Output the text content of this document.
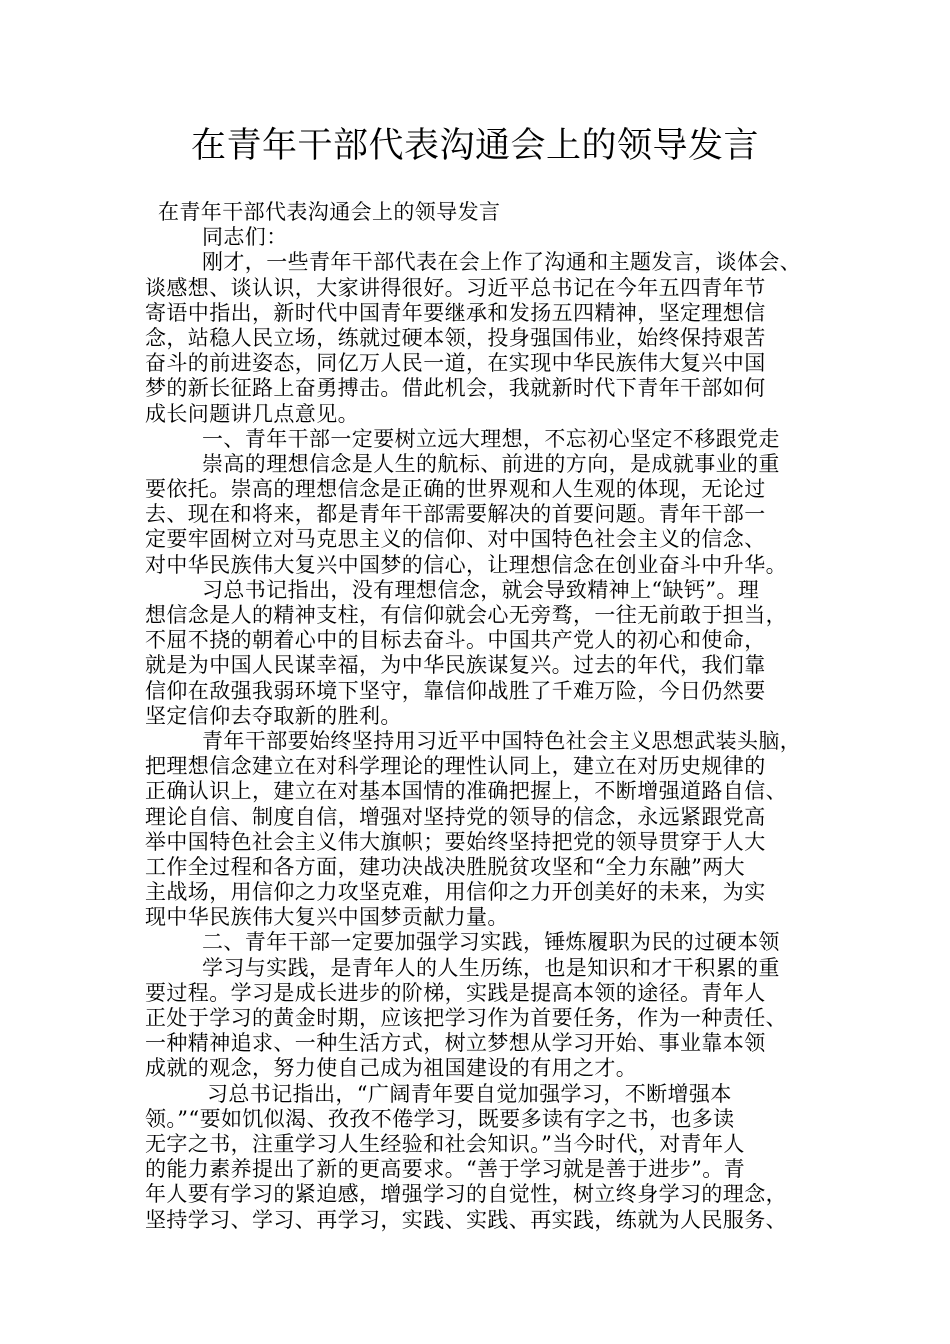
在青年干部代表沟通会上的领导发言
在青年干部代表沟通会上的领导发言
同志们：
刚才，一些青年干部代表在会上作了沟通和主题发言，谈体会、
谈感想、谈认识，大家讲得很好。习近平总书记在今年五四青年节
寄语中指出，新时代中国青年要继承和发扬五四精神，坚定理想信
念，站稳人民立场，练就过硬本领，投身强国伟业，始终保持艰苦
奋斗的前进姿态，同亿万人民一道，在实现中华民族伟大复兴中国
梦的新长征路上奋勇搏击。借此机会，我就新时代下青年干部如何
成长问题讲几点意见。
一、青年干部一定要树立远大理想，不忘初心坚定不移跟党走
崇高的理想信念是人生的航标、前进的方向，是成就事业的重
要依托。崇高的理想信念是正确的世界观和人生观的体现，无论过
去、现在和将来，都是青年干部需要解决的首要问题。青年干部一
定要牢固树立对马克思主义的信仰、对中国特色社会主义的信念、
对中华民族伟大复兴中国梦的信心，让理想信念在创业奋斗中升华。
习总书记指出，没有理想信念，就会导致精神上“缺钙”。理
想信念是人的精神支柱，有信仰就会心无旁骛，一往无前敢于担当，
不屈不挠的朝着心中的目标去奋斗。中国共产党人的初心和使命，
就是为中国人民谋幸福，为中华民族谋复兴。过去的年代，我们靠
信仰在敌强我弱环境下坚守，靠信仰战胜了千难万险，今日仍然要
坚定信仰去夺取新的胜利。
青年干部要始终坚持用习近平中国特色社会主义思想武装头脑，
把理想信念建立在对科学理论的理性认同上，建立在对历史规律的
正确认识上，建立在对基本国情的准确把握上，不断增强道路自信、
理论自信、制度自信，增强对坚持党的领导的信念，永远紧跟党高
举中国特色社会主义伟大旗帜；要始终坚持把党的领导贯穿于人大
工作全过程和各方面，建功决战决胜脱贫攻坚和“全力东融”两大
主战场，用信仰之力攻坚克难，用信仰之力开创美好的未来，为实
现中华民族伟大复兴中国梦贡献力量。
二、青年干部一定要加强学习实践，锤炼履职为民的过硬本领
学习与实践，是青年人的人生历练，也是知识和才干积累的重
要过程。学习是成长进步的阶梯，实践是提高本领的途径。青年人
正处于学习的黄金时期，应该把学习作为首要任务，作为一种责任、
一种精神追求、一种生活方式，树立梦想从学习开始、事业靠本领
成就的观念，努力使自己成为祖国建设的有用之才。
习总书记指出，“广阔青年要自觉加强学习，不断增强本
领。”“要如饥似渴、孜孜不倦学习，既要多读有字之书，也多读
无字之书，注重学习人生经验和社会知识。”当今时代，对青年人
的能力素养提出了新的更高要求。“善于学习就是善于进步”。青
年人要有学习的紧迫感，增强学习的自觉性，树立终身学习的理念，
坚持学习、学习、再学习，实践、实践、再实践，练就为人民服务、
